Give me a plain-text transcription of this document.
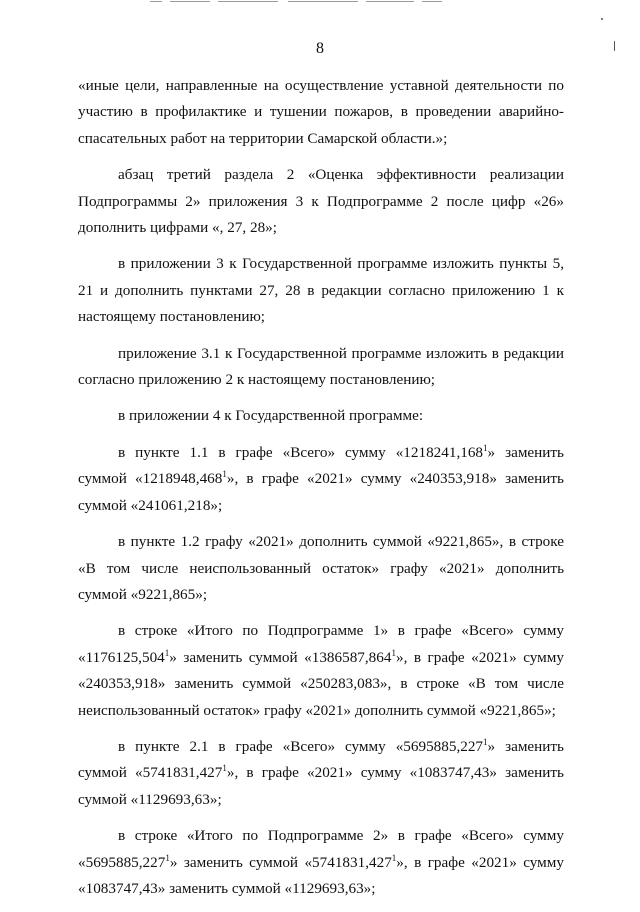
8

«иные цели, направленные на осуществление уставной деятельности по участию в профилактике и тушении пожаров, в проведении аварийно-спасательных работ на территории Самарской области.»;

абзац третий раздела 2 «Оценка эффективности реализации Подпрограммы 2» приложения 3 к Подпрограмме 2 после цифр «26» дополнить цифрами «, 27, 28»;

в приложении 3 к Государственной программе изложить пункты 5, 21 и дополнить пунктами 27, 28 в редакции согласно приложению 1 к настоящему постановлению;

приложение 3.1 к Государственной программе изложить в редакции согласно приложению 2 к настоящему постановлению;

в приложении 4 к Государственной программе:

в пункте 1.1 в графе «Всего» сумму «1218241,168$^1$» заменить суммой «1218948,468$^1$», в графе «2021» сумму «240353,918» заменить суммой «241061,218»;

в пункте 1.2 графу «2021» дополнить суммой «9221,865», в строке «В том числе неиспользованный остаток» графу «2021» дополнить суммой «9221,865»;

в строке «Итого по Подпрограмме 1» в графе «Всего» сумму «1176125,504$^1$» заменить суммой «1386587,864$^1$», в графе «2021» сумму «240353,918» заменить суммой «250283,083», в строке «В том числе неиспользованный остаток» графу «2021» дополнить суммой «9221,865»;

в пункте 2.1 в графе «Всего» сумму «5695885,227$^1$» заменить суммой «5741831,427$^1$», в графе «2021» сумму «1083747,43» заменить суммой «1129693,63»;

в строке «Итого по Подпрограмме 2» в графе «Всего» сумму «5695885,227$^1$» заменить суммой «5741831,427$^1$», в графе «2021» сумму «1083747,43» заменить суммой «1129693,63»;
